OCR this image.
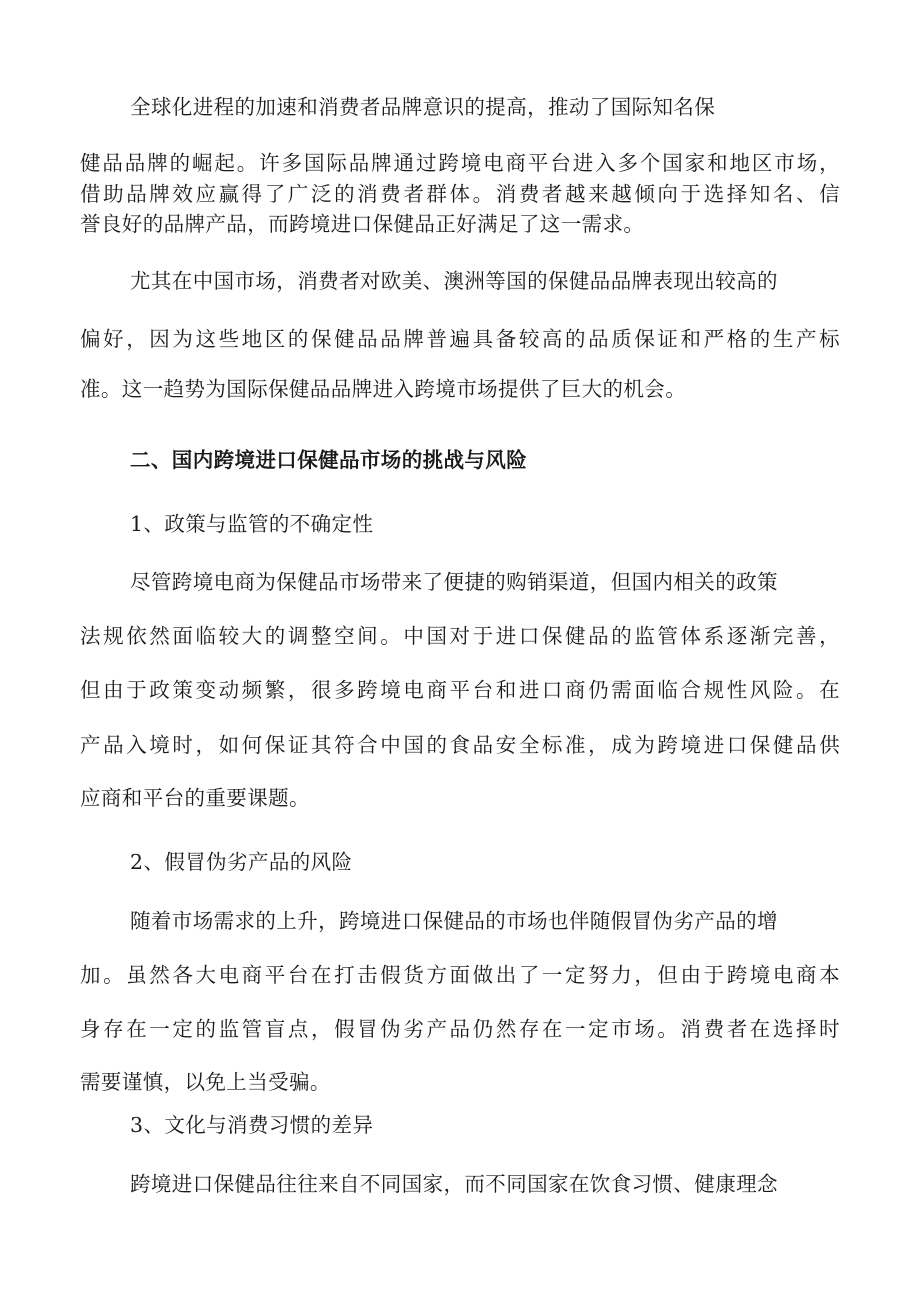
全球化进程的加速和消费者品牌意识的提高，推动了国际知名保
健品品牌的崛起。许多国际品牌通过跨境电商平台进入多个国家和地区市场，
借助品牌效应赢得了广泛的消费者群体。消费者越来越倾向于选择知名、信
誉良好的品牌产品，而跨境进口保健品正好满足了这一需求。
尤其在中国市场，消费者对欧美、澳洲等国的保健品品牌表现出较高的
偏好，因为这些地区的保健品品牌普遍具备较高的品质保证和严格的生产标
准。这一趋势为国际保健品品牌进入跨境市场提供了巨大的机会。
二、国内跨境进口保健品市场的挑战与风险
1、政策与监管的不确定性
尽管跨境电商为保健品市场带来了便捷的购销渠道，但国内相关的政策
法规依然面临较大的调整空间。中国对于进口保健品的监管体系逐渐完善，
但由于政策变动频繁，很多跨境电商平台和进口商仍需面临合规性风险。在
产品入境时，如何保证其符合中国的食品安全标准，成为跨境进口保健品供
应商和平台的重要课题。
2、假冒伪劣产品的风险
随着市场需求的上升，跨境进口保健品的市场也伴随假冒伪劣产品的增
加。虽然各大电商平台在打击假货方面做出了一定努力，但由于跨境电商本
身存在一定的监管盲点，假冒伪劣产品仍然存在一定市场。消费者在选择时
需要谨慎，以免上当受骗。
3、文化与消费习惯的差异
跨境进口保健品往往来自不同国家，而不同国家在饮食习惯、健康理念
